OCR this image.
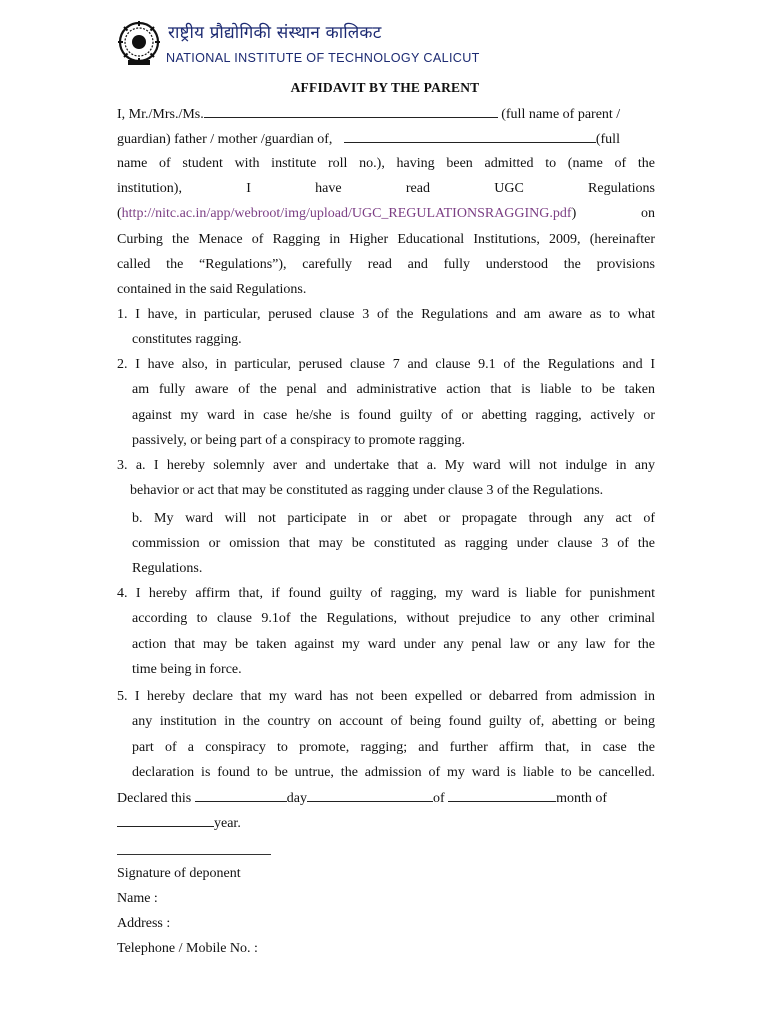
राष्ट्रीय प्रौद्योगिकी संस्थान कालिकट
NATIONAL INSTITUTE OF TECHNOLOGY CALICUT
AFFIDAVIT BY THE PARENT
I, Mr./Mrs./Ms.	(full name of parent /
guardian) father / mother /guardian of,	(full
name of student with institute roll no.), having been admitted to (name of the
institution),	I	have	read	UGC	Regulations
(http://nitc.ac.in/app/webroot/img/upload/UGC_REGULATIONSRAGGING.pdf)	on
Curbing the Menace of Ragging in Higher Educational Institutions, 2009, (hereinafter
called the “Regulations”), carefully read and fully understood the provisions
contained in the said Regulations.
1. I have, in particular, perused clause 3 of the Regulations and am aware as to what
constitutes ragging.
2. I have also, in particular, perused clause 7 and clause 9.1 of the Regulations and I
am fully aware of the penal and administrative action that is liable to be taken
against my ward in case he/she is found guilty of or abetting ragging, actively or
passively, or being part of a conspiracy to promote ragging.
3. a. I hereby solemnly aver and undertake that a. My ward will not indulge in any
behavior or act that may be constituted as ragging under clause 3 of the Regulations.
b. My ward will not participate in or abet or propagate through any act of
commission or omission that may be constituted as ragging under clause 3 of the
Regulations.
4. I hereby affirm that, if found guilty of ragging, my ward is liable for punishment
according to clause 9.1of the Regulations, without prejudice to any other criminal
action that may be taken against my ward under any penal law or any law for the
time being in force.
5. I hereby declare that my ward has not been expelled or debarred from admission in
any institution in the country on account of being found guilty of, abetting or being
part of a conspiracy to promote, ragging; and further affirm that, in case the
declaration is found to be untrue, the admission of my ward is liable to be cancelled.
Declared this	day	of	month of
year.
Signature of deponent
Name :
Address :
Telephone / Mobile No. :
